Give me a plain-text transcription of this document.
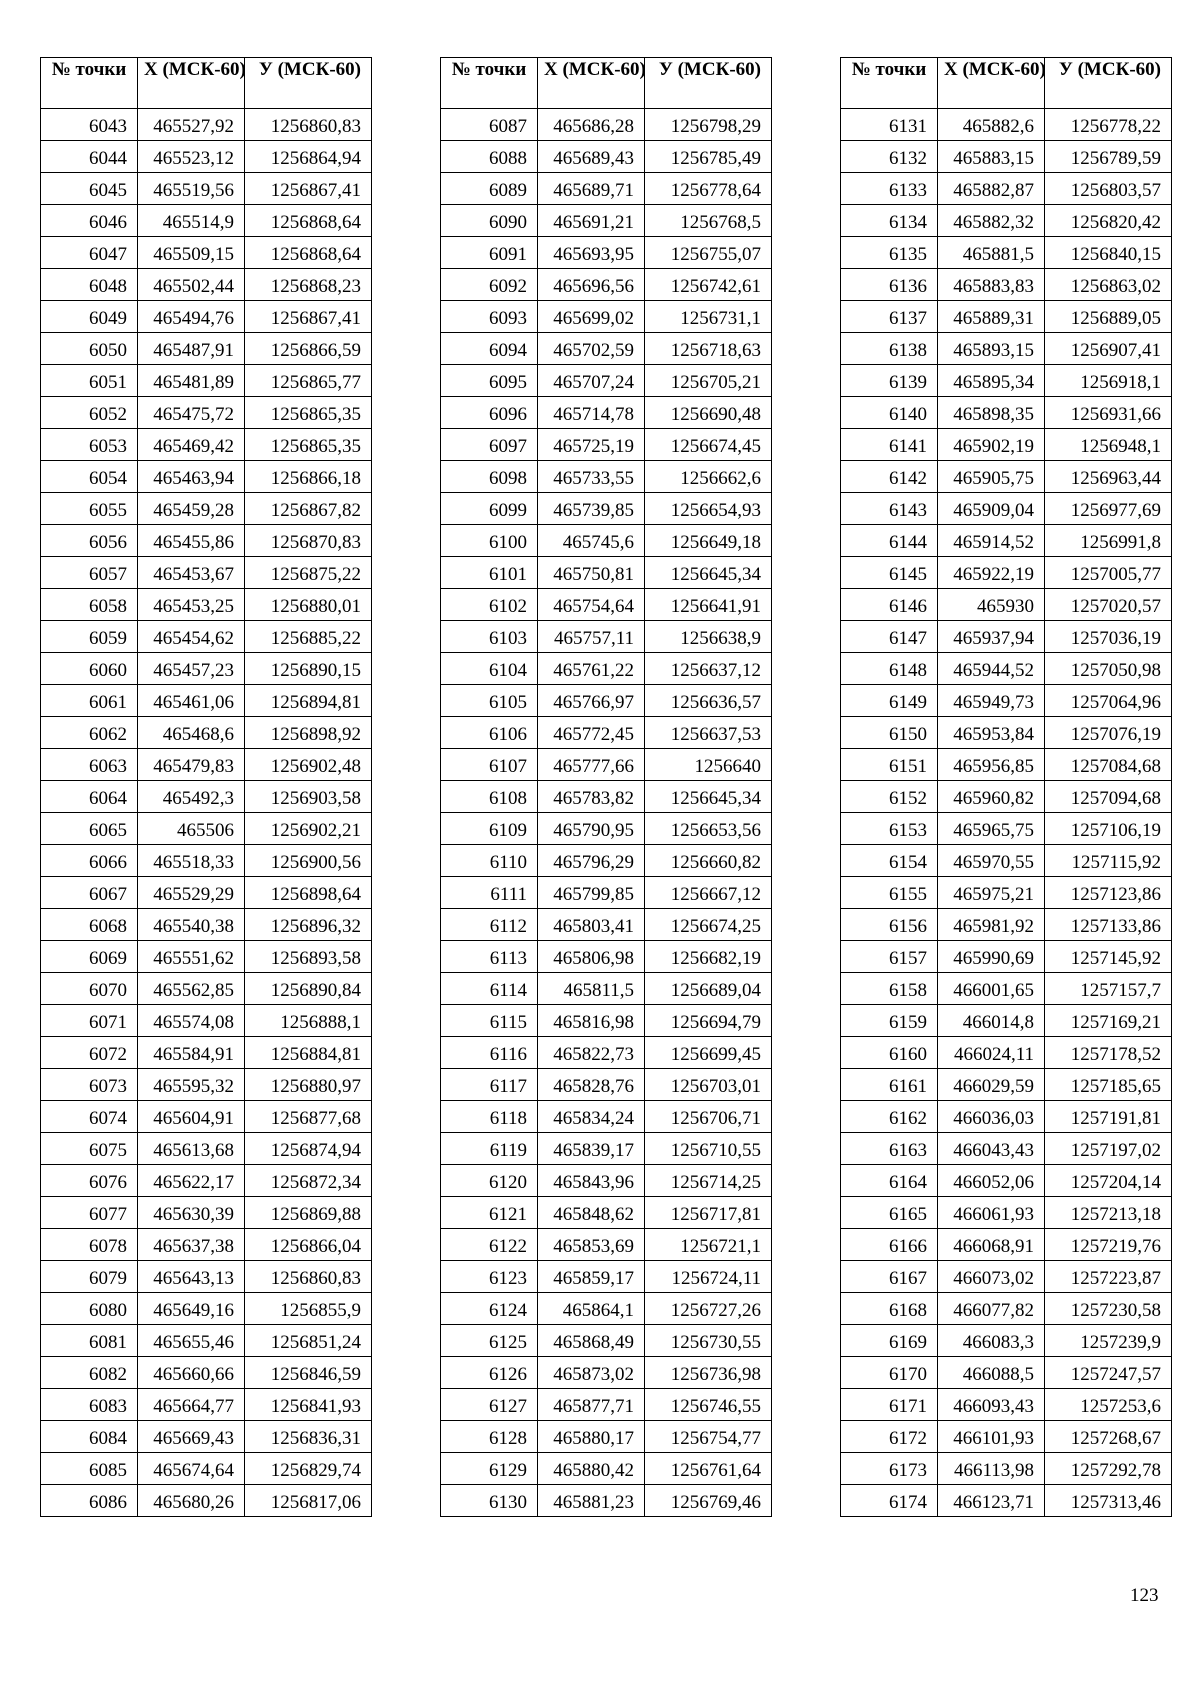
№ точки	X (МСК-60)	У (МСК-60)
6043	465527,92	1256860,83
6044	465523,12	1256864,94
6045	465519,56	1256867,41
6046	465514,9	1256868,64
6047	465509,15	1256868,64
6048	465502,44	1256868,23
6049	465494,76	1256867,41
6050	465487,91	1256866,59
6051	465481,89	1256865,77
6052	465475,72	1256865,35
6053	465469,42	1256865,35
6054	465463,94	1256866,18
6055	465459,28	1256867,82
6056	465455,86	1256870,83
6057	465453,67	1256875,22
6058	465453,25	1256880,01
6059	465454,62	1256885,22
6060	465457,23	1256890,15
6061	465461,06	1256894,81
6062	465468,6	1256898,92
6063	465479,83	1256902,48
6064	465492,3	1256903,58
6065	465506	1256902,21
6066	465518,33	1256900,56
6067	465529,29	1256898,64
6068	465540,38	1256896,32
6069	465551,62	1256893,58
6070	465562,85	1256890,84
6071	465574,08	1256888,1
6072	465584,91	1256884,81
6073	465595,32	1256880,97
6074	465604,91	1256877,68
6075	465613,68	1256874,94
6076	465622,17	1256872,34
6077	465630,39	1256869,88
6078	465637,38	1256866,04
6079	465643,13	1256860,83
6080	465649,16	1256855,9
6081	465655,46	1256851,24
6082	465660,66	1256846,59
6083	465664,77	1256841,93
6084	465669,43	1256836,31
6085	465674,64	1256829,74
6086	465680,26	1256817,06
№ точки	X (МСК-60)	У (МСК-60)
6087	465686,28	1256798,29
6088	465689,43	1256785,49
6089	465689,71	1256778,64
6090	465691,21	1256768,5
6091	465693,95	1256755,07
6092	465696,56	1256742,61
6093	465699,02	1256731,1
6094	465702,59	1256718,63
6095	465707,24	1256705,21
6096	465714,78	1256690,48
6097	465725,19	1256674,45
6098	465733,55	1256662,6
6099	465739,85	1256654,93
6100	465745,6	1256649,18
6101	465750,81	1256645,34
6102	465754,64	1256641,91
6103	465757,11	1256638,9
6104	465761,22	1256637,12
6105	465766,97	1256636,57
6106	465772,45	1256637,53
6107	465777,66	1256640
6108	465783,82	1256645,34
6109	465790,95	1256653,56
6110	465796,29	1256660,82
6111	465799,85	1256667,12
6112	465803,41	1256674,25
6113	465806,98	1256682,19
6114	465811,5	1256689,04
6115	465816,98	1256694,79
6116	465822,73	1256699,45
6117	465828,76	1256703,01
6118	465834,24	1256706,71
6119	465839,17	1256710,55
6120	465843,96	1256714,25
6121	465848,62	1256717,81
6122	465853,69	1256721,1
6123	465859,17	1256724,11
6124	465864,1	1256727,26
6125	465868,49	1256730,55
6126	465873,02	1256736,98
6127	465877,71	1256746,55
6128	465880,17	1256754,77
6129	465880,42	1256761,64
6130	465881,23	1256769,46
№ точки	X (МСК-60)	У (МСК-60)
6131	465882,6	1256778,22
6132	465883,15	1256789,59
6133	465882,87	1256803,57
6134	465882,32	1256820,42
6135	465881,5	1256840,15
6136	465883,83	1256863,02
6137	465889,31	1256889,05
6138	465893,15	1256907,41
6139	465895,34	1256918,1
6140	465898,35	1256931,66
6141	465902,19	1256948,1
6142	465905,75	1256963,44
6143	465909,04	1256977,69
6144	465914,52	1256991,8
6145	465922,19	1257005,77
6146	465930	1257020,57
6147	465937,94	1257036,19
6148	465944,52	1257050,98
6149	465949,73	1257064,96
6150	465953,84	1257076,19
6151	465956,85	1257084,68
6152	465960,82	1257094,68
6153	465965,75	1257106,19
6154	465970,55	1257115,92
6155	465975,21	1257123,86
6156	465981,92	1257133,86
6157	465990,69	1257145,92
6158	466001,65	1257157,7
6159	466014,8	1257169,21
6160	466024,11	1257178,52
6161	466029,59	1257185,65
6162	466036,03	1257191,81
6163	466043,43	1257197,02
6164	466052,06	1257204,14
6165	466061,93	1257213,18
6166	466068,91	1257219,76
6167	466073,02	1257223,87
6168	466077,82	1257230,58
6169	466083,3	1257239,9
6170	466088,5	1257247,57
6171	466093,43	1257253,6
6172	466101,93	1257268,67
6173	466113,98	1257292,78
6174	466123,71	1257313,46
123
